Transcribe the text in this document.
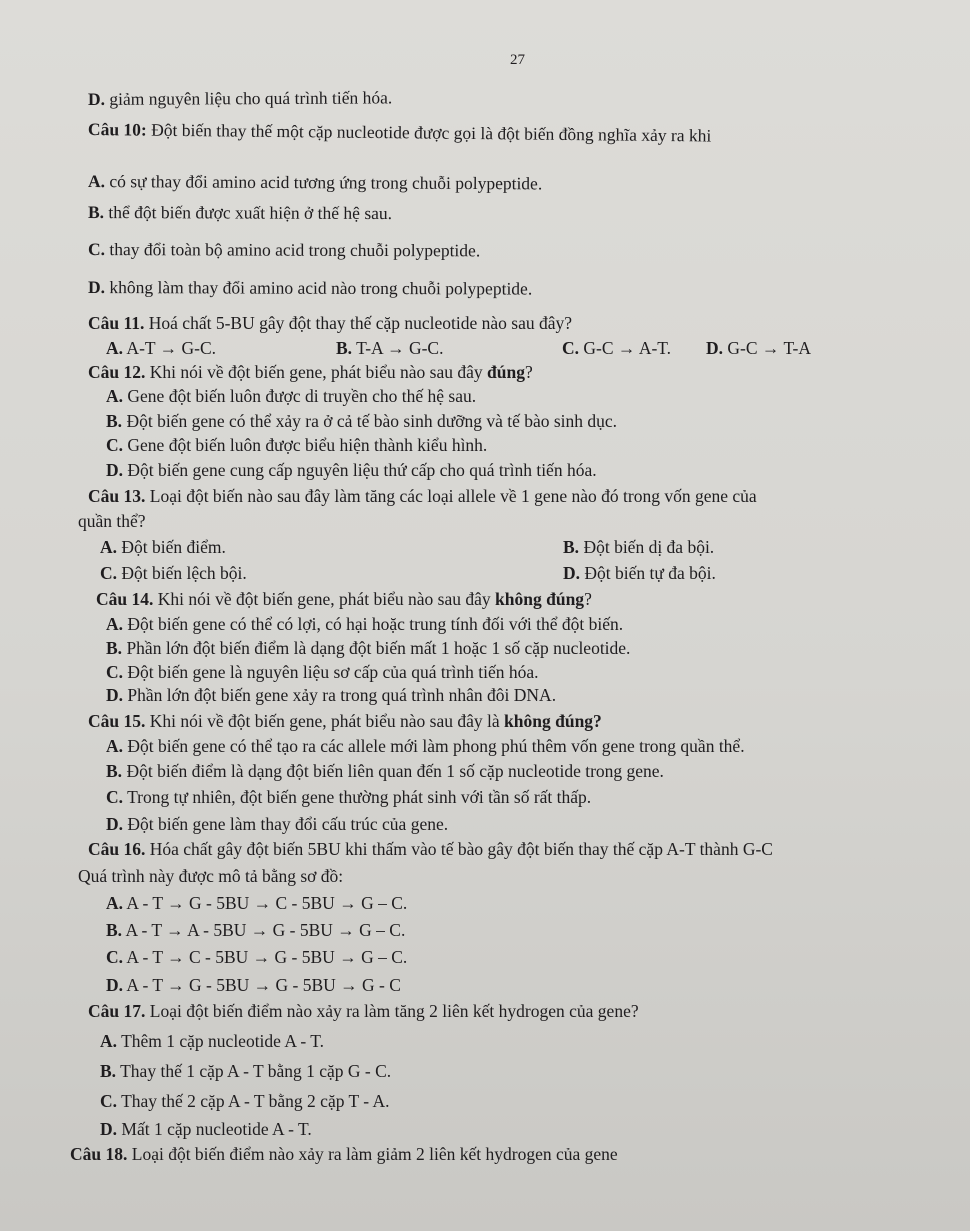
27
D. giảm nguyên liệu cho quá trình tiến hóa.
Câu 10: Đột biến thay thế một cặp nucleotide được gọi là đột biến đồng nghĩa xảy ra khi
A. có sự thay đổi amino acid tương ứng trong chuỗi polypeptide.
B. thể đột biến được xuất hiện ở thế hệ sau.
C. thay đổi toàn bộ amino acid trong chuỗi polypeptide.
D. không làm thay đổi amino acid nào trong chuỗi polypeptide.
Câu 11. Hoá chất 5-BU gây đột thay thế cặp nucleotide nào sau đây?
A. A-T → G-C.	B. T-A → G-C.	C. G-C → A-T. D. G-C → T-A
Câu 12. Khi nói về đột biến gene, phát biểu nào sau đây đúng?
A. Gene đột biến luôn được di truyền cho thế hệ sau.
B. Đột biến gene có thể xảy ra ở cả tế bào sinh dưỡng và tế bào sinh dục.
C. Gene đột biến luôn được biểu hiện thành kiểu hình.
D. Đột biến gene cung cấp nguyên liệu thứ cấp cho quá trình tiến hóa.
Câu 13. Loại đột biến nào sau đây làm tăng các loại allele về 1 gene nào đó trong vốn gene của
quần thể?
A. Đột biến điểm.	B. Đột biến dị đa bội.
C. Đột biến lệch bội.	D. Đột biến tự đa bội.
Câu 14. Khi nói về đột biến gene, phát biểu nào sau đây không đúng?
A. Đột biến gene có thể có lợi, có hại hoặc trung tính đối với thể đột biến.
B. Phần lớn đột biến điểm là dạng đột biến mất 1 hoặc 1 số cặp nucleotide.
C. Đột biến gene là nguyên liệu sơ cấp của quá trình tiến hóa.
D. Phần lớn đột biến gene xảy ra trong quá trình nhân đôi DNA.
Câu 15. Khi nói về đột biến gene, phát biểu nào sau đây là không đúng?
A. Đột biến gene có thể tạo ra các allele mới làm phong phú thêm vốn gene trong quần thể.
B. Đột biến điểm là dạng đột biến liên quan đến 1 số cặp nucleotide trong gene.
C. Trong tự nhiên, đột biến gene thường phát sinh với tần số rất thấp.
D. Đột biến gene làm thay đổi cấu trúc của gene.
Câu 16. Hóa chất gây đột biến 5BU khi thấm vào tế bào gây đột biến thay thế cặp A-T thành G-C
Quá trình này được mô tả bằng sơ đồ:
A. A - T → G - 5BU → C - 5BU → G – C.
B. A - T → A - 5BU → G - 5BU → G – C.
C. A - T → C - 5BU → G - 5BU → G – C.
D. A - T → G - 5BU → G - 5BU → G - C
Câu 17. Loại đột biến điểm nào xảy ra làm tăng 2 liên kết hydrogen của gene?
A. Thêm 1 cặp nucleotide A - T.
B. Thay thế 1 cặp A - T bằng 1 cặp G - C.
C. Thay thế 2 cặp A - T bằng 2 cặp T - A.
D. Mất 1 cặp nucleotide A - T.
Câu 18. Loại đột biến điểm nào xảy ra làm giảm 2 liên kết hydrogen của gene
